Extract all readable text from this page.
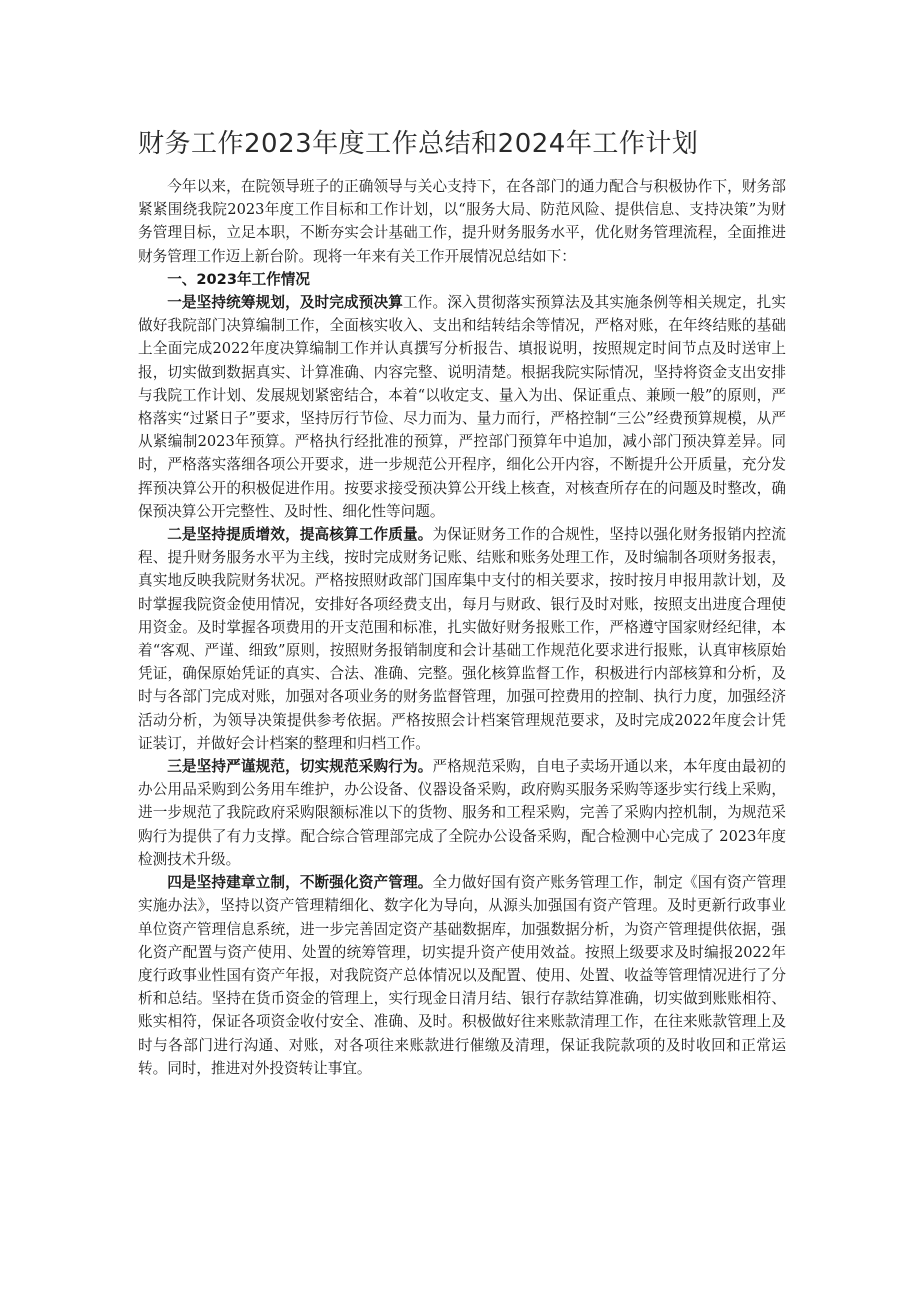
财务工作2023年度工作总结和2024年工作计划

今年以来，在院领导班子的正确领导与关心支持下，在各部门的通力配合与积极协作下，财务部紧紧围绕我院2023年度工作目标和工作计划，以“服务大局、防范风险、提供信息、支持决策”为财务管理目标，立足本职，不断夯实会计基础工作，提升财务服务水平，优化财务管理流程，全面推进财务管理工作迈上新台阶。现将一年来有关工作开展情况总结如下：

一、2023年工作情况

一是坚持统筹规划，及时完成预决算工作。深入贯彻落实预算法及其实施条例等相关规定，扎实做好我院部门决算编制工作，全面核实收入、支出和结转结余等情况，严格对账，在年终结账的基础上全面完成2022年度决算编制工作并认真撰写分析报告、填报说明，按照规定时间节点及时送审上报，切实做到数据真实、计算准确、内容完整、说明清楚。根据我院实际情况，坚持将资金支出安排与我院工作计划、发展规划紧密结合，本着“以收定支、量入为出、保证重点、兼顾一般”的原则，严格落实“过紧日子”要求，坚持厉行节俭、尽力而为、量力而行，严格控制“三公”经费预算规模，从严从紧编制2023年预算。严格执行经批准的预算，严控部门预算年中追加，减小部门预决算差异。同时，严格落实落细各项公开要求，进一步规范公开程序，细化公开内容，不断提升公开质量，充分发挥预决算公开的积极促进作用。按要求接受预决算公开线上核查，对核查所存在的问题及时整改，确保预决算公开完整性、及时性、细化性等问题。

二是坚持提质增效，提高核算工作质量。为保证财务工作的合规性，坚持以强化财务报销内控流程、提升财务服务水平为主线，按时完成财务记账、结账和账务处理工作，及时编制各项财务报表，真实地反映我院财务状况。严格按照财政部门国库集中支付的相关要求，按时按月申报用款计划，及时掌握我院资金使用情况，安排好各项经费支出，每月与财政、银行及时对账，按照支出进度合理使用资金。及时掌握各项费用的开支范围和标准，扎实做好财务报账工作，严格遵守国家财经纪律，本着“客观、严谨、细致”原则，按照财务报销制度和会计基础工作规范化要求进行报账，认真审核原始凭证，确保原始凭证的真实、合法、准确、完整。强化核算监督工作，积极进行内部核算和分析，及时与各部门完成对账，加强对各项业务的财务监督管理，加强可控费用的控制、执行力度，加强经济活动分析，为领导决策提供参考依据。严格按照会计档案管理规范要求，及时完成2022年度会计凭证装订，并做好会计档案的整理和归档工作。

三是坚持严谨规范，切实规范采购行为。严格规范采购，自电子卖场开通以来，本年度由最初的办公用品采购到公务用车维护，办公设备、仪器设备采购，政府购买服务采购等逐步实行线上采购，进一步规范了我院政府采购限额标准以下的货物、服务和工程采购，完善了采购内控机制，为规范采购行为提供了有力支撑。配合综合管理部完成了全院办公设备采购，配合检测中心完成了 2023年度检测技术升级。

四是坚持建章立制，不断强化资产管理。全力做好国有资产账务管理工作，制定《国有资产管理实施办法》，坚持以资产管理精细化、数字化为导向，从源头加强国有资产管理。及时更新行政事业单位资产管理信息系统，进一步完善固定资产基础数据库，加强数据分析，为资产管理提供依据，强化资产配置与资产使用、处置的统筹管理，切实提升资产使用效益。按照上级要求及时编报2022年度行政事业性国有资产年报，对我院资产总体情况以及配置、使用、处置、收益等管理情况进行了分析和总结。坚持在货币资金的管理上，实行现金日清月结、银行存款结算准确，切实做到账账相符、账实相符，保证各项资金收付安全、准确、及时。积极做好往来账款清理工作，在往来账款管理上及时与各部门进行沟通、对账，对各项往来账款进行催缴及清理，保证我院款项的及时收回和正常运转。同时，推进对外投资转让事宜。
